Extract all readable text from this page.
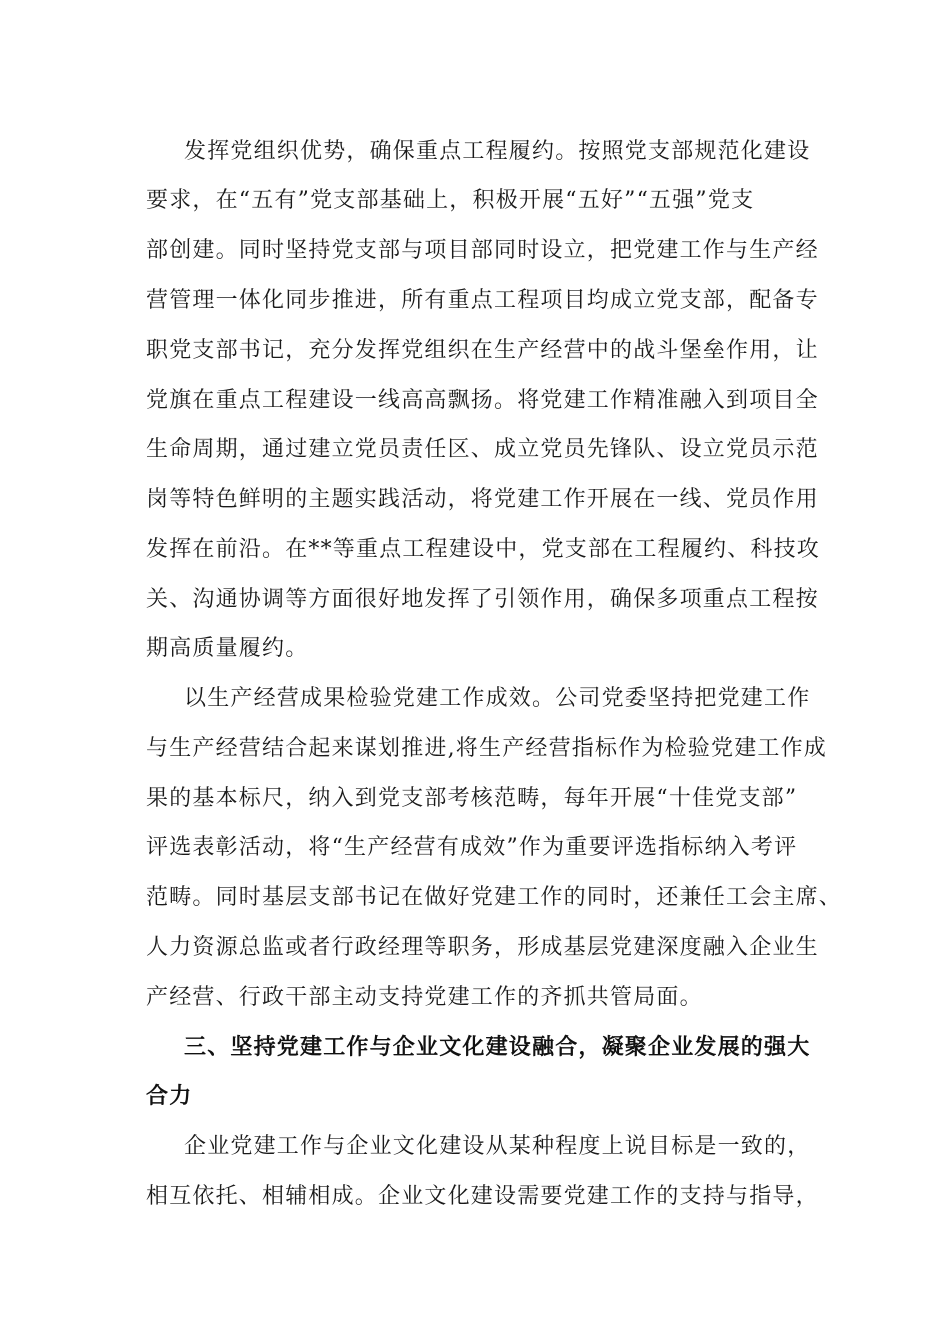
发挥党组织优势，确保重点工程履约。按照党支部规范化建设
要求，在“五有”党支部基础上，积极开展“五好”“五强”党支
部创建。同时坚持党支部与项目部同时设立，把党建工作与生产经
营管理一体化同步推进，所有重点工程项目均成立党支部，配备专
职党支部书记，充分发挥党组织在生产经营中的战斗堡垒作用，让
党旗在重点工程建设一线高高飘扬。将党建工作精准融入到项目全
生命周期，通过建立党员责任区、成立党员先锋队、设立党员示范
岗等特色鲜明的主题实践活动，将党建工作开展在一线、党员作用
发挥在前沿。在**等重点工程建设中，党支部在工程履约、科技攻
关、沟通协调等方面很好地发挥了引领作用，确保多项重点工程按
期高质量履约。
以生产经营成果检验党建工作成效。公司党委坚持把党建工作
与生产经营结合起来谋划推进,将生产经营指标作为检验党建工作成
果的基本标尺，纳入到党支部考核范畴，每年开展“十佳党支部”
评选表彰活动，将“生产经营有成效”作为重要评选指标纳入考评
范畴。同时基层支部书记在做好党建工作的同时，还兼任工会主席、
人力资源总监或者行政经理等职务，形成基层党建深度融入企业生
产经营、行政干部主动支持党建工作的齐抓共管局面。
三、坚持党建工作与企业文化建设融合，凝聚企业发展的强大
合力
企业党建工作与企业文化建设从某种程度上说目标是一致的，
相互依托、相辅相成。企业文化建设需要党建工作的支持与指导，
